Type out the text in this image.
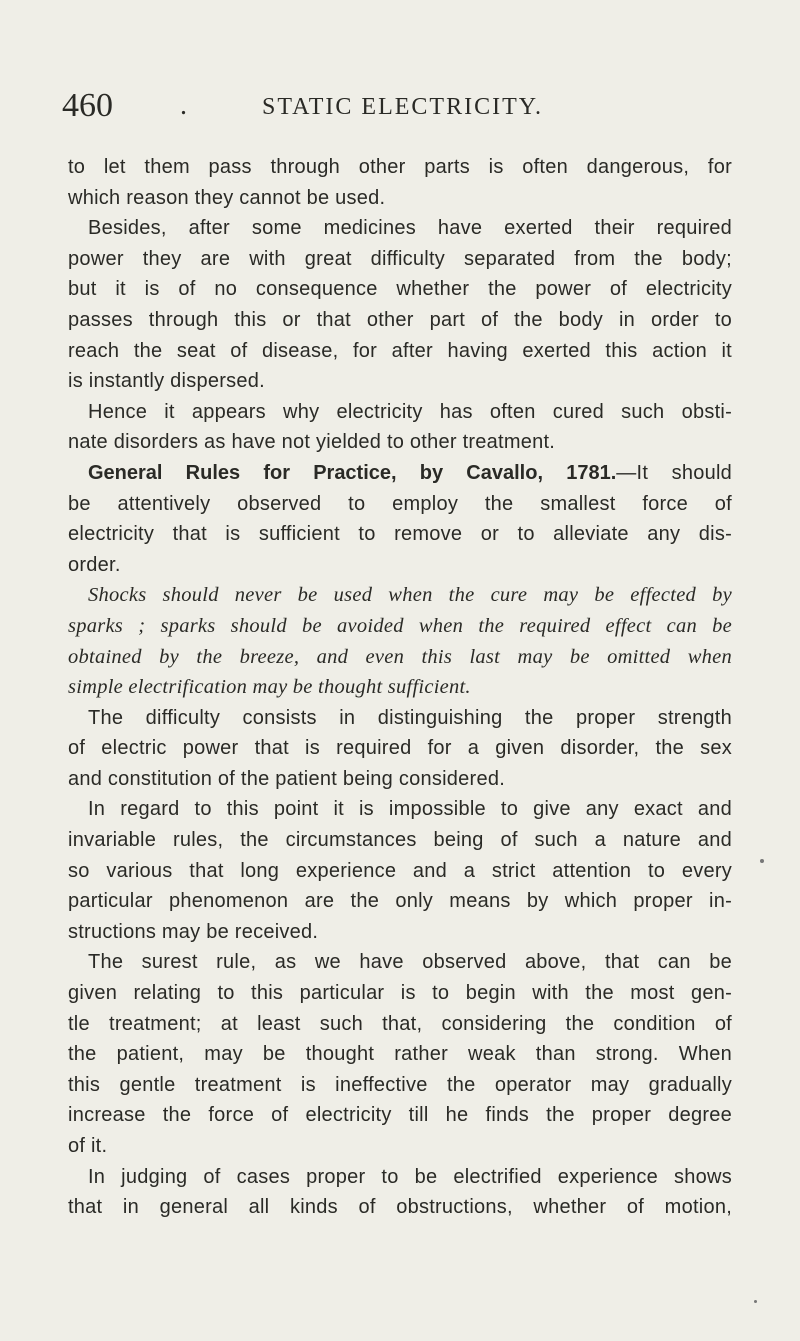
460 .	STATIC ELECTRICITY.
to let them pass through other parts is often dangerous, for
which reason they cannot be used.
Besides, after some medicines have exerted their required
power they are with great difficulty separated from the body;
but it is of no consequence whether the power of electricity
passes through this or that other part of the body in order to
reach the seat of disease, for after having exerted this action it
is instantly dispersed.
Hence it appears why electricity has often cured such obsti-
nate disorders as have not yielded to other treatment.
General Rules for Practice, by Cavallo, 1781.—It should
be attentively observed to employ the smallest force of
electricity that is sufficient to remove or to alleviate any dis-
order.
Shocks should never be used when the cure may be effected by
sparks ; sparks should be avoided when the required effect can be
obtained by the breeze, and even this last may be omitted when
simple electrification may be thought sufficient.
The difficulty consists in distinguishing the proper strength
of electric power that is required for a given disorder, the sex
and constitution of the patient being considered.
In regard to this point it is impossible to give any exact and
invariable rules, the circumstances being of such a nature and
so various that long experience and a strict attention to every
particular phenomenon are the only means by which proper in-
structions may be received.
The surest rule, as we have observed above, that can be
given relating to this particular is to begin with the most gen-
tle treatment; at least such that, considering the condition of
the patient, may be thought rather weak than strong. When
this gentle treatment is ineffective the operator may gradually
increase the force of electricity till he finds the proper degree
of it.
In judging of cases proper to be electrified experience shows
that in general all kinds of obstructions, whether of motion,
